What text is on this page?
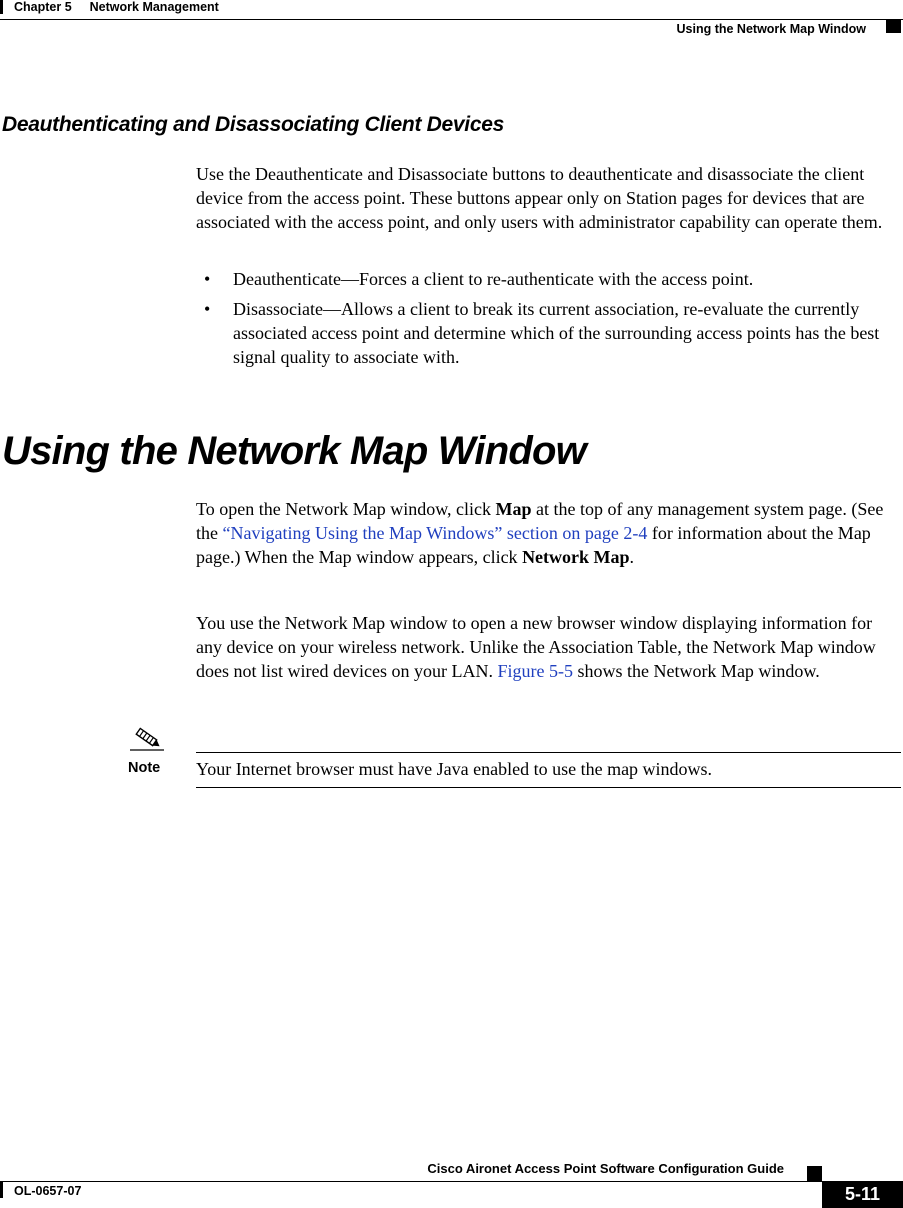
Chapter 5 Network Management
Using the Network Map Window
Deauthenticating and Disassociating Client Devices
Use the Deauthenticate and Disassociate buttons to deauthenticate and disassociate the client device from the access point. These buttons appear only on Station pages for devices that are associated with the access point, and only users with administrator capability can operate them.
• Deauthenticate—Forces a client to re-authenticate with the access point.
• Disassociate—Allows a client to break its current association, re-evaluate the currently associated access point and determine which of the surrounding access points has the best signal quality to associate with.
Using the Network Map Window
To open the Network Map window, click Map at the top of any management system page. (See the “Navigating Using the Map Windows” section on page 2-4 for information about the Map page.) When the Map window appears, click Network Map.
You use the Network Map window to open a new browser window displaying information for any device on your wireless network. Unlike the Association Table, the Network Map window does not list wired devices on your LAN. Figure 5-5 shows the Network Map window.
Note Your Internet browser must have Java enabled to use the map windows.
Cisco Aironet Access Point Software Configuration Guide
OL-0657-07	5-11
